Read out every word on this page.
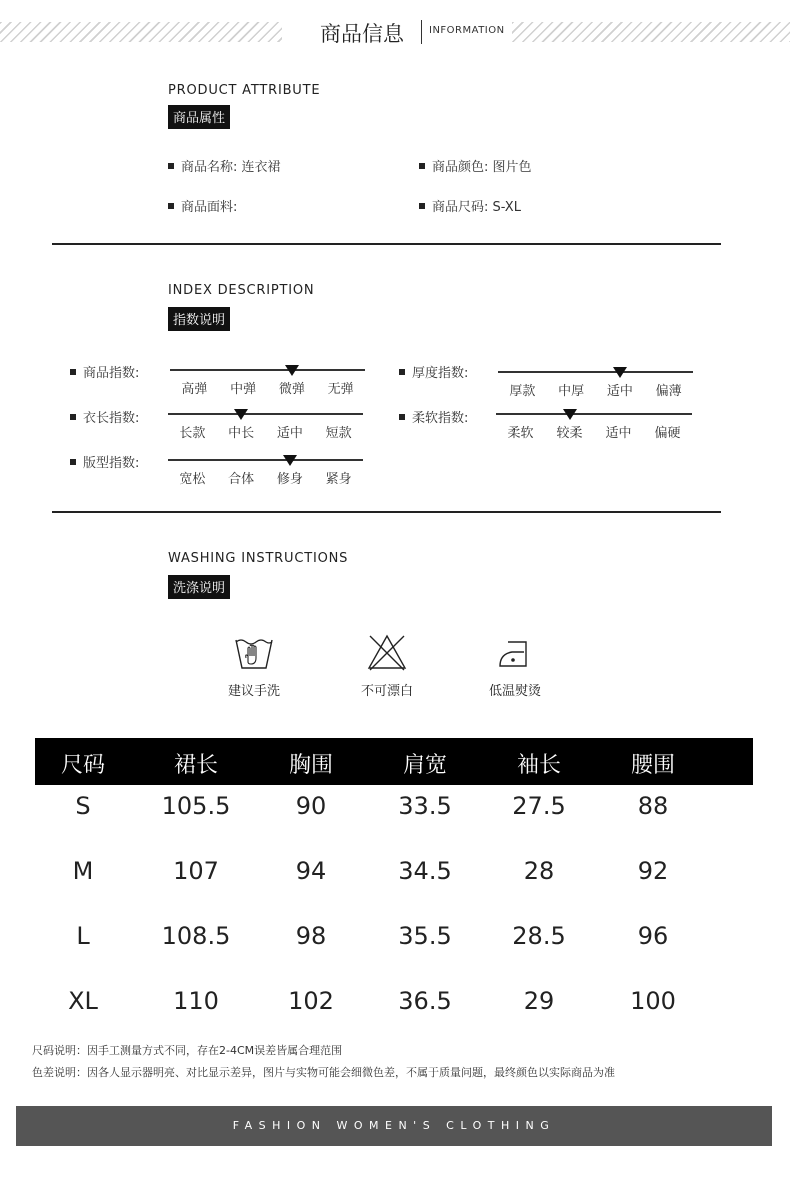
商品信息	INFORMATION
PRODUCT ATTRIBUTE
商品属性
商品名称: 连衣裙	商品颜色: 图片色
商品面料:	商品尺码: S-XL
INDEX DESCRIPTION
指数说明
商品指数:
高弹 中弹 微弹 无弹
厚度指数:
厚款 中厚 适中 偏薄
衣长指数:
长款 中长 适中 短款
柔软指数:
柔软 较柔 适中 偏硬
版型指数:
宽松 合体 修身 紧身
WASHING INSTRUCTIONS
洗涤说明
建议手洗	不可漂白	低温熨烫
尺码	裙长	胸围	肩宽	袖长	腰围
S	105.5	90	33.5	27.5	88
M	107	94	34.5	28	92
L	108.5	98	35.5	28.5	96
XL	110	102	36.5	29	100
尺码说明：因手工测量方式不同，存在2-4CM误差皆属合理范围
色差说明：因各人显示器明亮、对比显示差异，图片与实物可能会细微色差，不属于质量问题，最终颜色以实际商品为准
FASHION WOMEN'S CLOTHING
